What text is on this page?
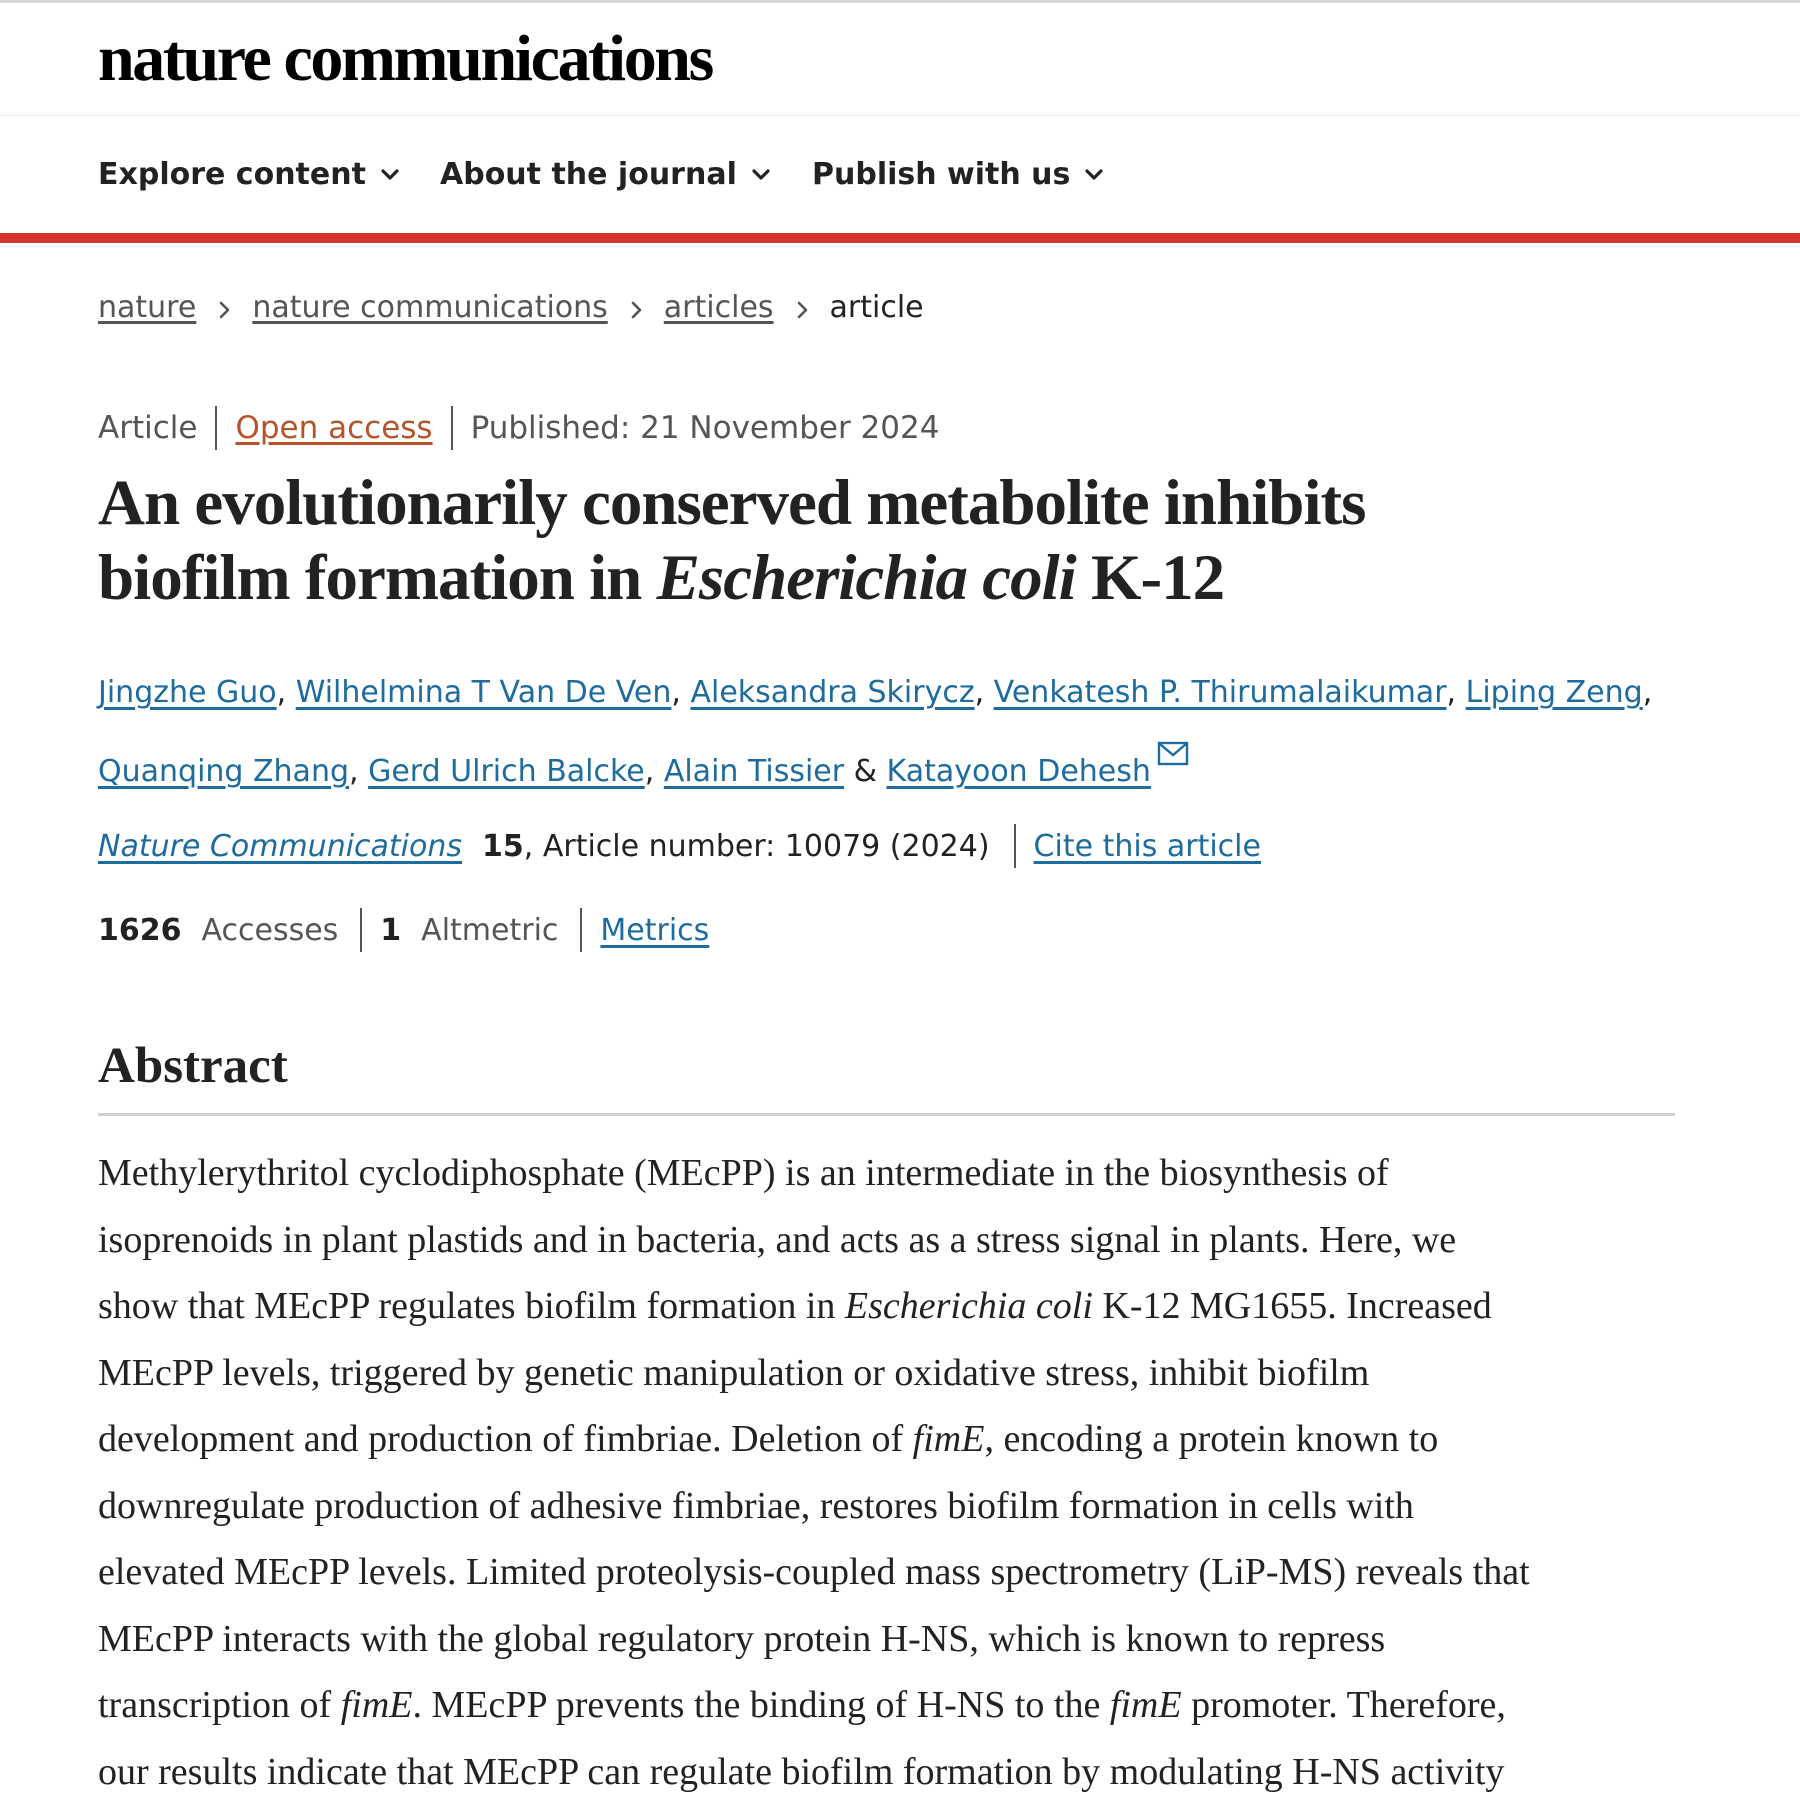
nature communications
Explore content About the journal	Publish with us
nature nature communications articles article
Article Open access Published: 21 November 2024
An evolutionarily conserved metabolite inhibits
biofilm formation in Escherichia coli K-12
Jingzhe Guo, Wilhelmina T Van De Ven, Aleksandra Skirycz, Venkatesh P. Thirumalaikumar, Liping Zeng,
Quanqing Zhang, Gerd Ulrich Balcke, Alain Tissier & Katayoon Dehesh
Nature Communications 15 , Article number: 10079 (2024) Cite this article
1626 Accesses 1 Altmetric Metrics
Abstract
Methylerythritol cyclodiphosphate (MEcPP) is an intermediate in the biosynthesis of
isoprenoids in plant plastids and in bacteria, and acts as a stress signal in plants. Here, we
show that MEcPP regulates biofilm formation in Escherichia coli K-12 MG1655. Increased
MEcPP levels, triggered by genetic manipulation or oxidative stress, inhibit biofilm
development and production of fimbriae. Deletion of fimE, encoding a protein known to
downregulate production of adhesive fimbriae, restores biofilm formation in cells with
elevated MEcPP levels. Limited proteolysis-coupled mass spectrometry (LiP-MS) reveals that
MEcPP interacts with the global regulatory protein H-NS, which is known to repress
transcription of fimE. MEcPP prevents the binding of H-NS to the fimE promoter. Therefore,
our results indicate that MEcPP can regulate biofilm formation by modulating H-NS activity
